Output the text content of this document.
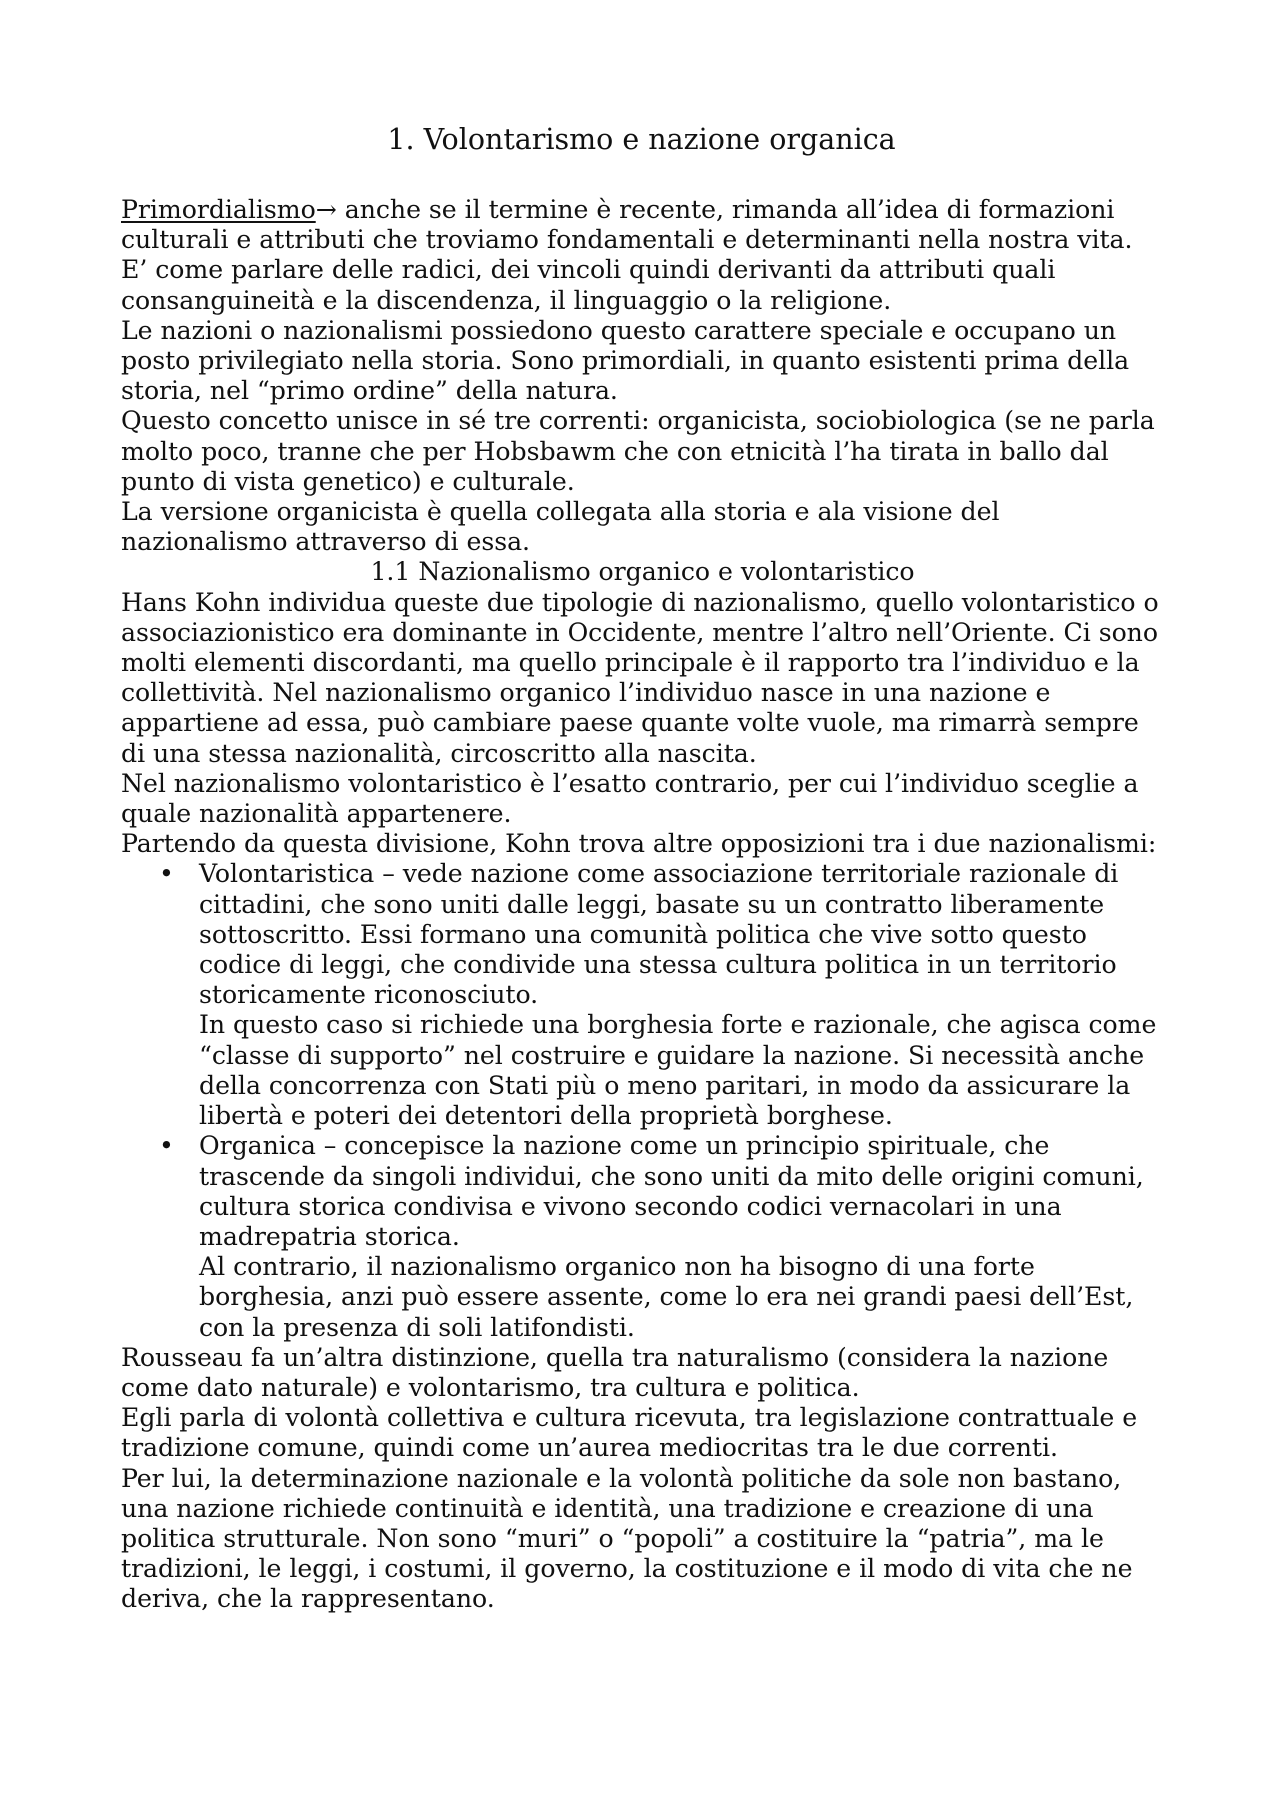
1. Volontarismo e nazione organica

Primordialismo→ anche se il termine è recente, rimanda all’idea di formazioni culturali e attributi che troviamo fondamentali e determinanti nella nostra vita. E’ come parlare delle radici, dei vincoli quindi derivanti da attributi quali consanguineità e la discendenza, il linguaggio o la religione.

Le nazioni o nazionalismi possiedono questo carattere speciale e occupano un posto privilegiato nella storia. Sono primordiali, in quanto esistenti prima della storia, nel “primo ordine” della natura.

Questo concetto unisce in sé tre correnti: organicista, sociobiologica (se ne parla molto poco, tranne che per Hobsbawm che con etnicità l’ha tirata in ballo dal punto di vista genetico) e culturale.

La versione organicista è quella collegata alla storia e ala visione del nazionalismo attraverso di essa.

1.1 Nazionalismo organico e volontaristico

Hans Kohn individua queste due tipologie di nazionalismo, quello volontaristico o associazionistico era dominante in Occidente, mentre l’altro nell’Oriente. Ci sono molti elementi discordanti, ma quello principale è il rapporto tra l’individuo e la collettività. Nel nazionalismo organico l’individuo nasce in una nazione e appartiene ad essa, può cambiare paese quante volte vuole, ma rimarrà sempre di una stessa nazionalità, circoscritto alla nascita.

Nel nazionalismo volontaristico è l’esatto contrario, per cui l’individuo sceglie a quale nazionalità appartenere.

Partendo da questa divisione, Kohn trova altre opposizioni tra i due nazionalismi:

• Volontaristica – vede nazione come associazione territoriale razionale di cittadini, che sono uniti dalle leggi, basate su un contratto liberamente sottoscritto. Essi formano una comunità politica che vive sotto questo codice di leggi, che condivide una stessa cultura politica in un territorio storicamente riconosciuto.
In questo caso si richiede una borghesia forte e razionale, che agisca come “classe di supporto” nel costruire e guidare la nazione. Si necessità anche della concorrenza con Stati più o meno paritari, in modo da assicurare la libertà e poteri dei detentori della proprietà borghese.
• Organica – concepisce la nazione come un principio spirituale, che trascende da singoli individui, che sono uniti da mito delle origini comuni, cultura storica condivisa e vivono secondo codici vernacolari in una madrepatria storica.
Al contrario, il nazionalismo organico non ha bisogno di una forte borghesia, anzi può essere assente, come lo era nei grandi paesi dell’Est, con la presenza di soli latifondisti.

Rousseau fa un’altra distinzione, quella tra naturalismo (considera la nazione come dato naturale) e volontarismo, tra cultura e politica.

Egli parla di volontà collettiva e cultura ricevuta, tra legislazione contrattuale e tradizione comune, quindi come un’aurea mediocritas tra le due correnti.

Per lui, la determinazione nazionale e la volontà politiche da sole non bastano, una nazione richiede continuità e identità, una tradizione e creazione di una politica strutturale. Non sono “muri” o “popoli” a costituire la “patria”, ma le tradizioni, le leggi, i costumi, il governo, la costituzione e il modo di vita che ne deriva, che la rappresentano.
